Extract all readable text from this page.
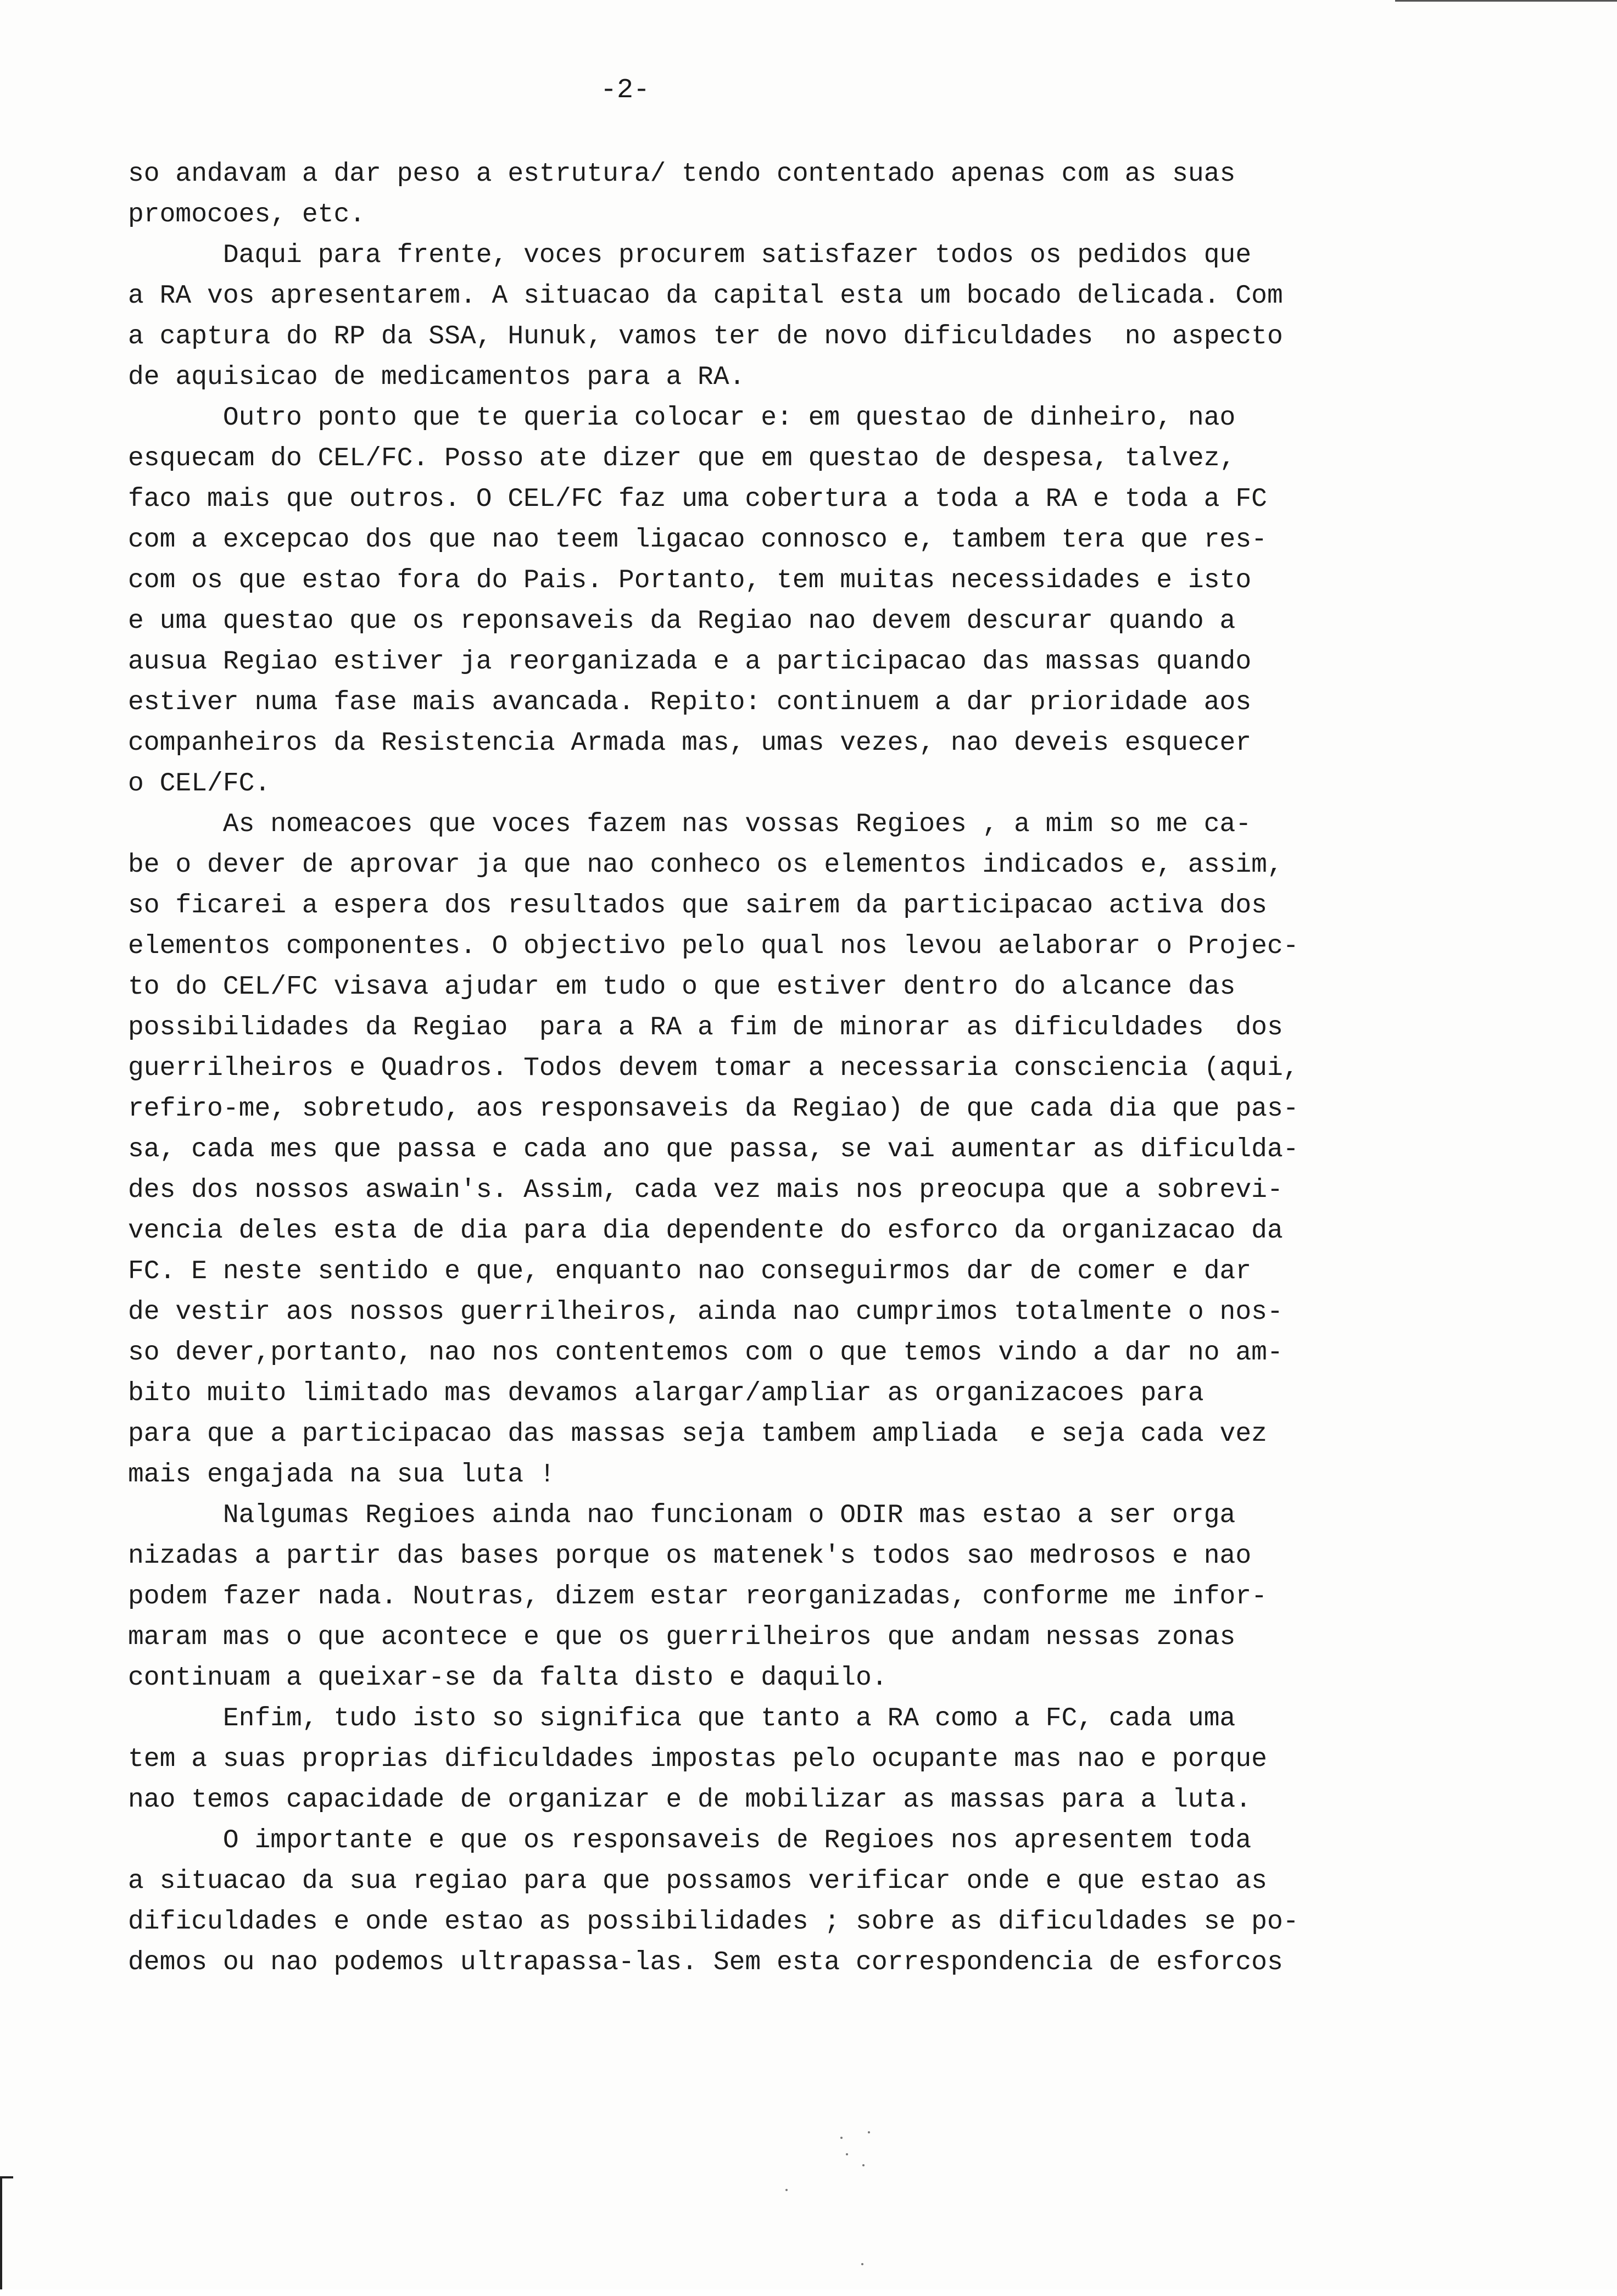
-2-
so andavam a dar peso a estrutura/ tendo contentado apenas com as suas
promocoes, etc.
Daqui para frente, voces procurem satisfazer todos os pedidos que
a RA vos apresentarem. A situacao da capital esta um bocado delicada. Com
a captura do RP da SSA, Hunuk, vamos ter de novo dificuldades  no aspecto
de aquisicao de medicamentos para a RA.
Outro ponto que te queria colocar e: em questao de dinheiro, nao
esquecam do CEL/FC. Posso ate dizer que em questao de despesa, talvez,
faco mais que outros. O CEL/FC faz uma cobertura a toda a RA e toda a FC
com a excepcao dos que nao teem ligacao connosco e, tambem tera que res-
com os que estao fora do Pais. Portanto, tem muitas necessidades e isto
e uma questao que os reponsaveis da Regiao nao devem descurar quando a
ausua Regiao estiver ja reorganizada e a participacao das massas quando
estiver numa fase mais avancada. Repito: continuem a dar prioridade aos
companheiros da Resistencia Armada mas, umas vezes, nao deveis esquecer
o CEL/FC.
As nomeacoes que voces fazem nas vossas Regioes , a mim so me ca-
be o dever de aprovar ja que nao conheco os elementos indicados e, assim,
so ficarei a espera dos resultados que sairem da participacao activa dos
elementos componentes. O objectivo pelo qual nos levou aelaborar o Projec-
to do CEL/FC visava ajudar em tudo o que estiver dentro do alcance das
possibilidades da Regiao  para a RA a fim de minorar as dificuldades  dos
guerrilheiros e Quadros. Todos devem tomar a necessaria consciencia (aqui,
refiro-me, sobretudo, aos responsaveis da Regiao) de que cada dia que pas-
sa, cada mes que passa e cada ano que passa, se vai aumentar as dificulda-
des dos nossos aswain's. Assim, cada vez mais nos preocupa que a sobrevi-
vencia deles esta de dia para dia dependente do esforco da organizacao da
FC. E neste sentido e que, enquanto nao conseguirmos dar de comer e dar
de vestir aos nossos guerrilheiros, ainda nao cumprimos totalmente o nos-
so dever,portanto, nao nos contentemos com o que temos vindo a dar no am-
bito muito limitado mas devamos alargar/ampliar as organizacoes para
para que a participacao das massas seja tambem ampliada  e seja cada vez
mais engajada na sua luta !
Nalgumas Regioes ainda nao funcionam o ODIR mas estao a ser orga
nizadas a partir das bases porque os matenek's todos sao medrosos e nao
podem fazer nada. Noutras, dizem estar reorganizadas, conforme me infor-
maram mas o que acontece e que os guerrilheiros que andam nessas zonas
continuam a queixar-se da falta disto e daquilo.
Enfim, tudo isto so significa que tanto a RA como a FC, cada uma
tem a suas proprias dificuldades impostas pelo ocupante mas nao e porque
nao temos capacidade de organizar e de mobilizar as massas para a luta.
O importante e que os responsaveis de Regioes nos apresentem toda
a situacao da sua regiao para que possamos verificar onde e que estao as
dificuldades e onde estao as possibilidades ; sobre as dificuldades se po-
demos ou nao podemos ultrapassa-las. Sem esta correspondencia de esforcos
